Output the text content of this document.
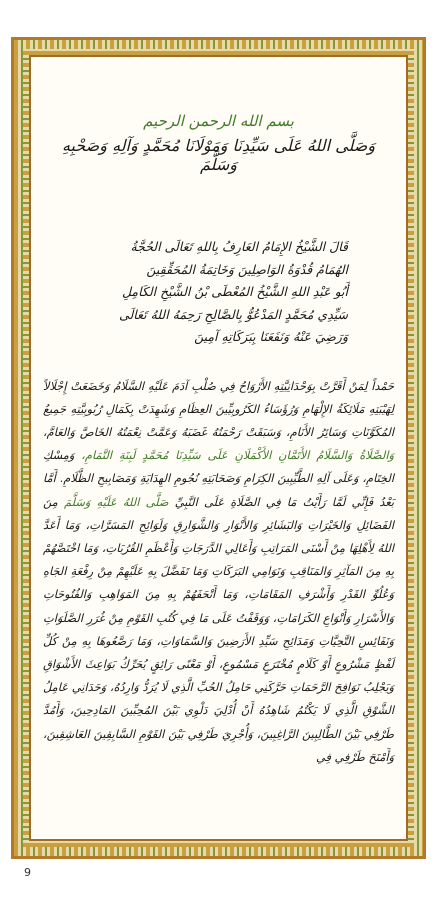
بسم الله الرحمن الرحيم
وَصَلَّى اللهُ عَلَى سَيِّدِنَا وَمَوْلَانَا مُحَمَّدٍ وَآلِهِ وَصَحْبِهِ وَسَلَّمَ
قَالَ الشَّيْخُ الإِمَامُ العَارِفُ بِاللهِ تَعَالَى الحُجَّةُ
الهُمَامُ قُدْوَةُ الوَاصِلِينَ وَخَاتِمَةُ المُحَقِّقِينَ
أَبُو عَبْدِ اللهِ الشَّيْخُ المُعْطَى بْنُ الشَّيْخِ الكَامِلِ
سَيِّدِي مُحَمَّدٍ المَدْعُوُّ بِالصَّالِحِ رَحِمَهُ اللهُ تَعَالَى
وَرَضِيَ عَنْهُ وَنَفَعَنَا بِبَرَكَاتِهِ آمِينَ
حَمْداً لِمَنْ أَقَرَّتْ بِوَحْدَانِيَّتِهِ الأَرْوَاحُ فِي صُلْبِ آدَمَ عَلَيْهِ السَّلَامُ وَخَضَعَتْ إِجْلَالاً لِهَيْبَتِهِ مَلَائِكَةُ الإِلْهَامِ وَرُؤَسَاءُ الكَرُوبِيِّينَ العِظَامِ وَشَهِدَتْ بِكَمَالِ رُبُوبِيَّتِهِ جَمِيعُ المُكَوَّنَاتِ وَسَائِرُ الأَنَامِ، وَسَبَقَتْ رَحْمَتُهُ غَضَبَهُ وَعَمَّتْ نِعْمَتُهُ الخَاصَّ وَالعَامَّ، وَالصَّلَاةُ وَالسَّلَامُ الأَتَمَّانِ الأَكْمَلَانِ عَلَى سَيِّدِنَا مُحَمَّدٍ لَبِنَةِ التَّمَامِ، وَمِسْكِ الخِتَامِ، وَعَلَى آلِهِ الطَّيِّبِينَ الكِرَامِ وَصَحَابَتِهِ نُجُومِ الهِدَايَةِ وَمَصَابِيحِ الظَّلَامِ. أَمَّا بَعْدُ فَإِنِّي لَمَّا رَأَيْتُ مَا فِي الصَّلَاةِ عَلَى النَّبِيِّ صَلَّى اللهُ عَلَيْهِ وَسَلَّمَ مِنَ الفَضَائِلِ وَالخَيْرَاتِ وَالبَشَائِرِ وَالأَنْوَارِ وَالشَّوَارِقِ وَلَوَائِحِ المَسَرَّاتِ، وَمَا أَعَدَّ اللهُ لِأَهْلِهَا مِنْ أَسْنَى المَرَاتِبِ وَأَعَالِي الدَّرَجَاتِ وَأَعْظَمِ القُرُبَاتِ، وَمَا اخْتَصَّهُمْ بِهِ مِنَ المَآثِرِ وَالمَنَاقِبِ وَنَوَامِي البَرَكَاتِ وَمَا تَفَضَّلَ بِهِ عَلَيْهِمْ مِنْ رِفْعَةِ الجَاهِ وَعُلُوِّ القَدْرِ وَأَشْرَفِ المَقَامَاتِ، وَمَا أَتْحَفَهُمْ بِهِ مِنَ المَوَاهِبِ وَالفُتُوحَاتِ وَالأَسْرَارِ وَأَنْوَاعِ الكَرَامَاتِ، وَوَقَفْتُ عَلَى مَا فِي كُتُبِ القَوْمِ مِنْ غُرَرِ الصَّلَوَاتِ وَنَفَائِسِ التَّحِيَّاتِ وَمَدَائِحِ سَيِّدِ الأَرَضِينَ وَالسَّمَاوَاتِ، وَمَا رَصَّعُوهَا بِهِ مِنْ كُلِّ لَفْظٍ مَشْرُوعٍ أَوْ كَلَامٍ مُخْتَرَعٍ مَسْمُوعٍ، أَوْ مَعْنًى رَائِقٍ يُحَرِّكُ بَوَاعِثَ الأَشْوَاقِ وَيَجْلِبُ نَوَافِحَ الرَّحَمَاتِ حَرَّكَنِي حَامِلُ الحُبِّ الَّذِي لَا يُرَدُّ وَارِدُهُ، وَحَدَانِي عَامِلُ الشَّوْقِ الَّذِي لَا يَكْتُمُ شَاهِدُهُ أَنْ أُدْلِيَ دَلْوِي بَيْنَ المُحِبِّينَ المَادِحِينَ، وَأَمُدَّ طَرْفِي بَيْنَ الطَّالِبِينَ الرَّاغِبِينَ، وَأُجْرِيَ طَرْفِي بَيْنَ القَوْمِ السَّابِقِينَ العَاشِقِينَ، وَأَمْنَحَ طَرْفِي فِي
9
